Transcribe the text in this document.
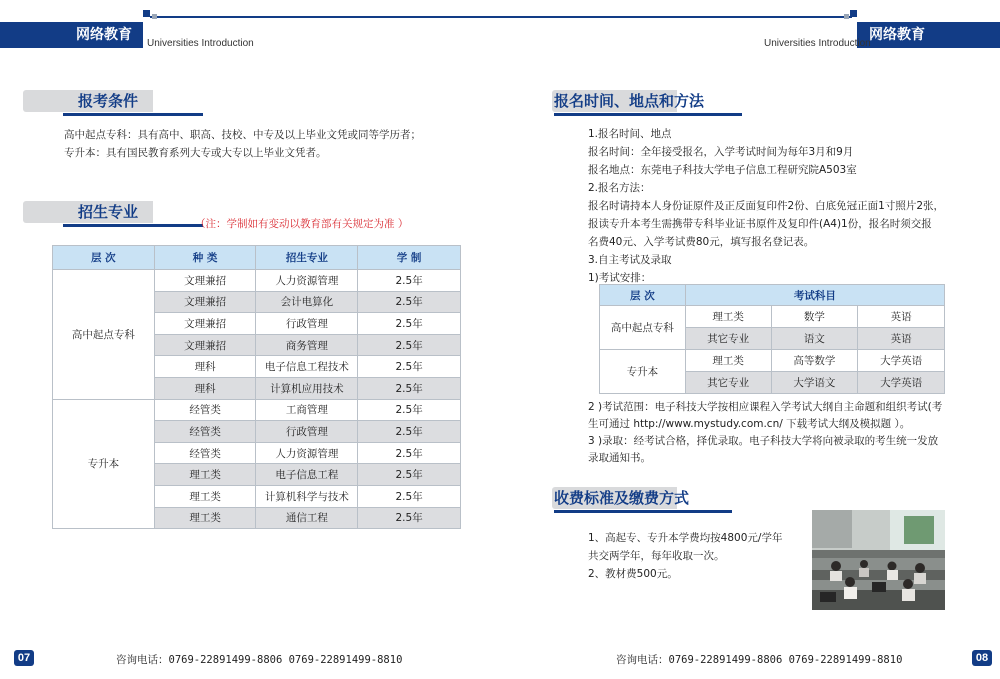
网络教育
Universities Introduction
报考条件
高中起点专科：具有高中、职高、技校、中专及以上毕业文凭或同等学历者；
专升本：具有国民教育系列大专或大专以上毕业文凭者。
招生专业
（注：学制如有变动以教育部有关规定为准 ）
层 次	种 类	招生专业	学 制
高中起点专科	文理兼招	人力资源管理	2.5年
	文理兼招	会计电算化	2.5年
	文理兼招	行政管理	2.5年
	文理兼招	商务管理	2.5年
	理科	电子信息工程技术	2.5年
	理科	计算机应用技术	2.5年
专升本	经管类	工商管理	2.5年
	经管类	行政管理	2.5年
	经管类	人力资源管理	2.5年
	理工类	电子信息工程	2.5年
	理工类	计算机科学与技术	2.5年
	理工类	通信工程	2.5年
07	咨询电话：0769-22891499-8806 0769-22891499-8810
网络教育
Universities Introduction
报名时间、地点和方法
1.报名时间、地点
报名时间：全年接受报名，入学考试时间为每年3月和9月
报名地点：东莞电子科技大学电子信息工程研究院A503室
2.报名方法：
报名时请持本人身份证原件及正反面复印件2份、白底免冠正面1寸照片2张，
报读专升本考生需携带专科毕业证书原件及复印件(A4)1份，报名时须交报
名费40元、入学考试费80元，填写报名登记表。
3.自主考试及录取
1)考试安排：
层 次	考试科目		
高中起点专科	理工类	数学	英语
	其它专业	语文	英语
专升本	理工类	高等数学	大学英语
	其它专业	大学语文	大学英语
2 )考试范围：电子科技大学按相应课程入学考试大纲自主命题和组织考试(考
生可通过 http://www.mystudy.com.cn/ 下载考试大纲及模拟题 ）。
3 )录取：经考试合格，择优录取。电子科技大学将向被录取的考生统一发放
录取通知书。
收费标准及缴费方式
1、高起专、专升本学费均按4800元/学年
共交两学年，每年收取一次。
2、教材费500元。
08
咨询电话：0769-22891499-8806 0769-22891499-8810
